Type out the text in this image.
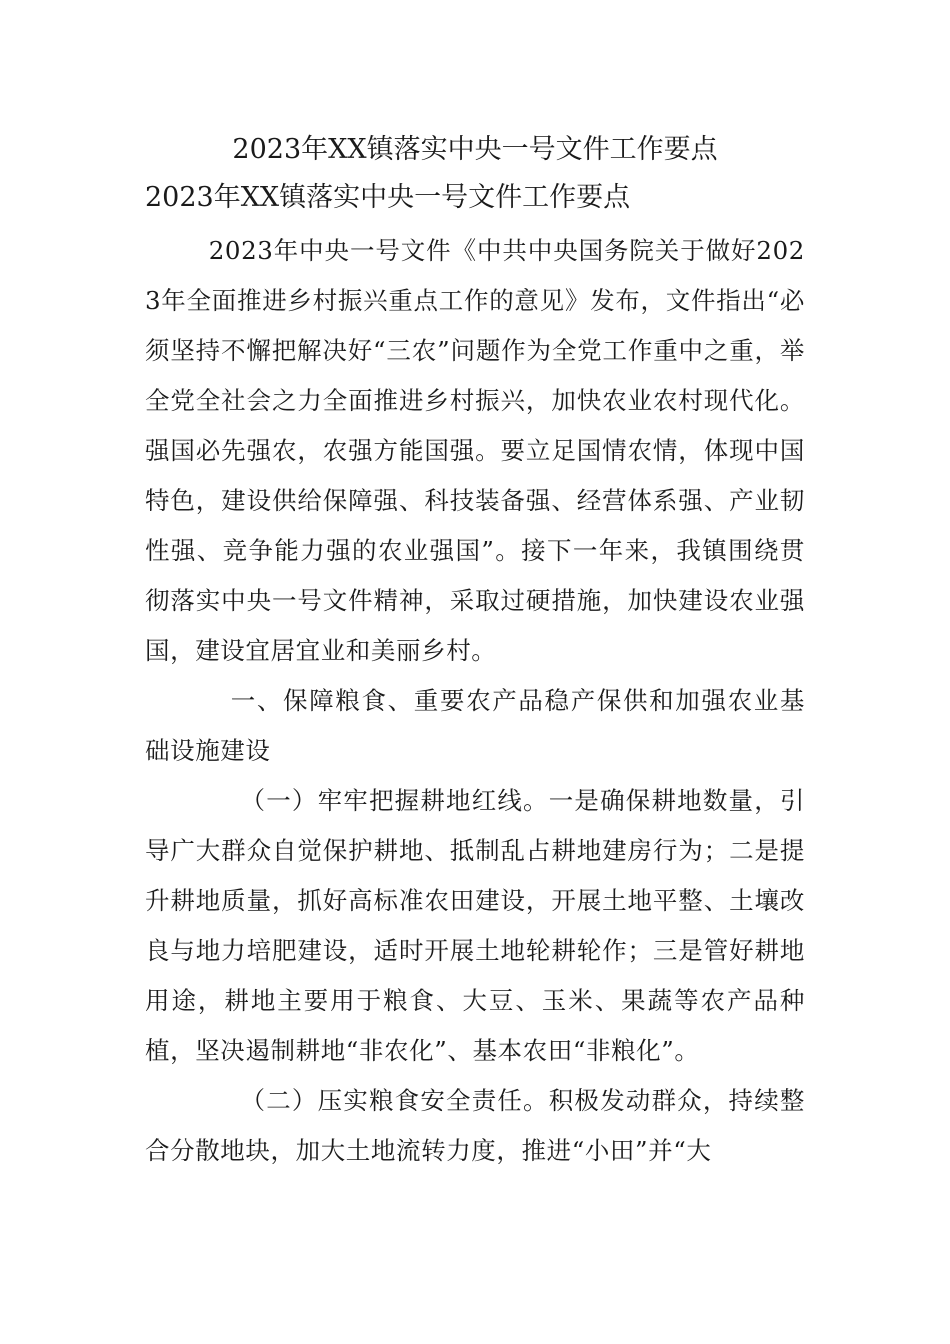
2023年XX镇落实中央一号文件工作要点
2023年XX镇落实中央一号文件工作要点

2023年中央一号文件《中共中央国务院关于做好2023年全面推进乡村振兴重点工作的意见》发布，文件指出“必须坚持不懈把解决好“三农”问题作为全党工作重中之重，举全党全社会之力全面推进乡村振兴，加快农业农村现代化。强国必先强农，农强方能国强。要立足国情农情，体现中国特色，建设供给保障强、科技装备强、经营体系强、产业韧性强、竞争能力强的农业强国”。接下一年来，我镇围绕贯彻落实中央一号文件精神，采取过硬措施，加快建设农业强国，建设宜居宜业和美丽乡村。

一、保障粮食、重要农产品稳产保供和加强农业基础设施建设

（一）牢牢把握耕地红线。一是确保耕地数量，引导广大群众自觉保护耕地、抵制乱占耕地建房行为；二是提升耕地质量，抓好高标准农田建设，开展土地平整、土壤改良与地力培肥建设，适时开展土地轮耕轮作；三是管好耕地用途，耕地主要用于粮食、大豆、玉米、果蔬等农产品种植，坚决遏制耕地“非农化”、基本农田“非粮化”。

（二）压实粮食安全责任。积极发动群众，持续整合分散地块，加大土地流转力度，推进“小田”并“大
